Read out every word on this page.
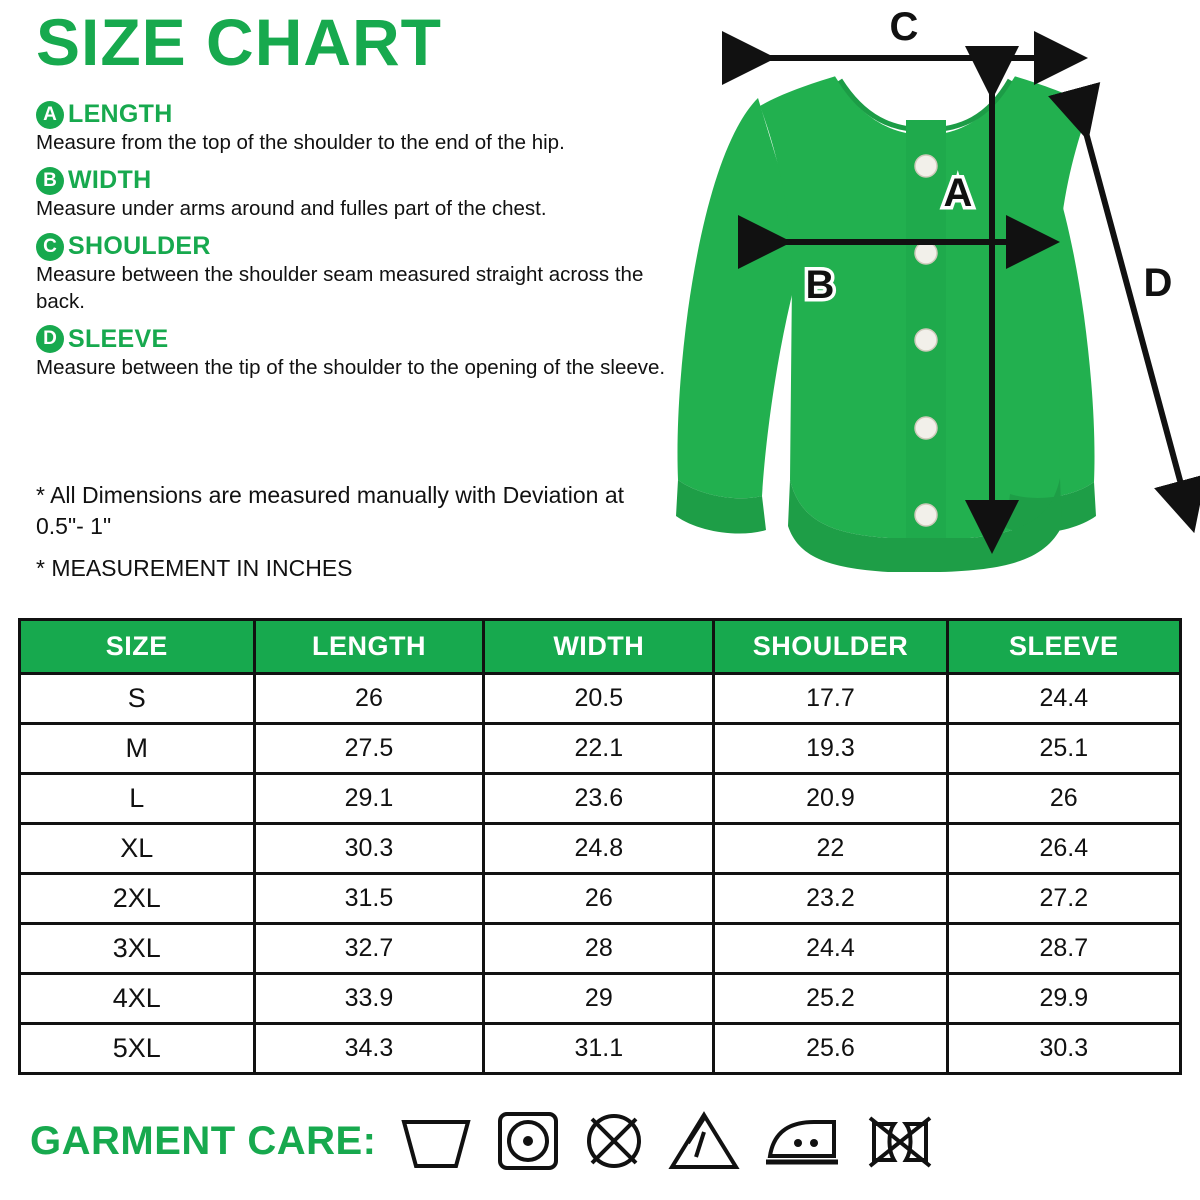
SIZE CHART
A LENGTH

Measure from the top of the shoulder to the end of the hip.

B WIDTH

Measure under arms around and fulles part of the chest.

C SHOULDER

Measure between the shoulder seam measured straight across the back.

D SLEEVE

Measure between the tip of the shoulder to the opening of the sleeve.

* All Dimensions are measured manually with Deviation at 0.5"- 1"
* MEASUREMENT IN INCHES
C
A
B	D
SIZE	LENGTH	WIDTH	SHOULDER	SLEEVE
S	26	20.5	17.7	24.4
M	27.5	22.1	19.3	25.1
L	29.1	23.6	20.9	26
XL	30.3	24.8	22	26.4
2XL	31.5	26	23.2	27.2
3XL	32.7	28	24.4	28.7
4XL	33.9	29	25.2	29.9
5XL	34.3	31.1	25.6	30.3
GARMENT CARE:
